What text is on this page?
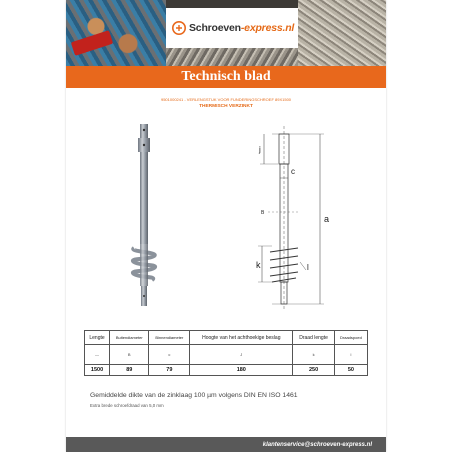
Schroeven-express.nl
Technisch blad
9501000241 - VERLENGSTUK VOOR FUNDERINGSCHROEF 89X1500
THERMISCH VERZINKT
j
c
B
a
k	l
Lengte	Buitendiameter	Binnendiameter	Hoogte van het achthoekige beslag	Draad lengte	Draadspoed
—	B	c	J	k	l
1500	89	79	180	250	50
Gemiddelde dikte van de zinklaag 100 µm volgens DIN EN ISO 1461
Extra brede schroefdraad van 5,0 mm
klantenservice@schroeven-express.nl
